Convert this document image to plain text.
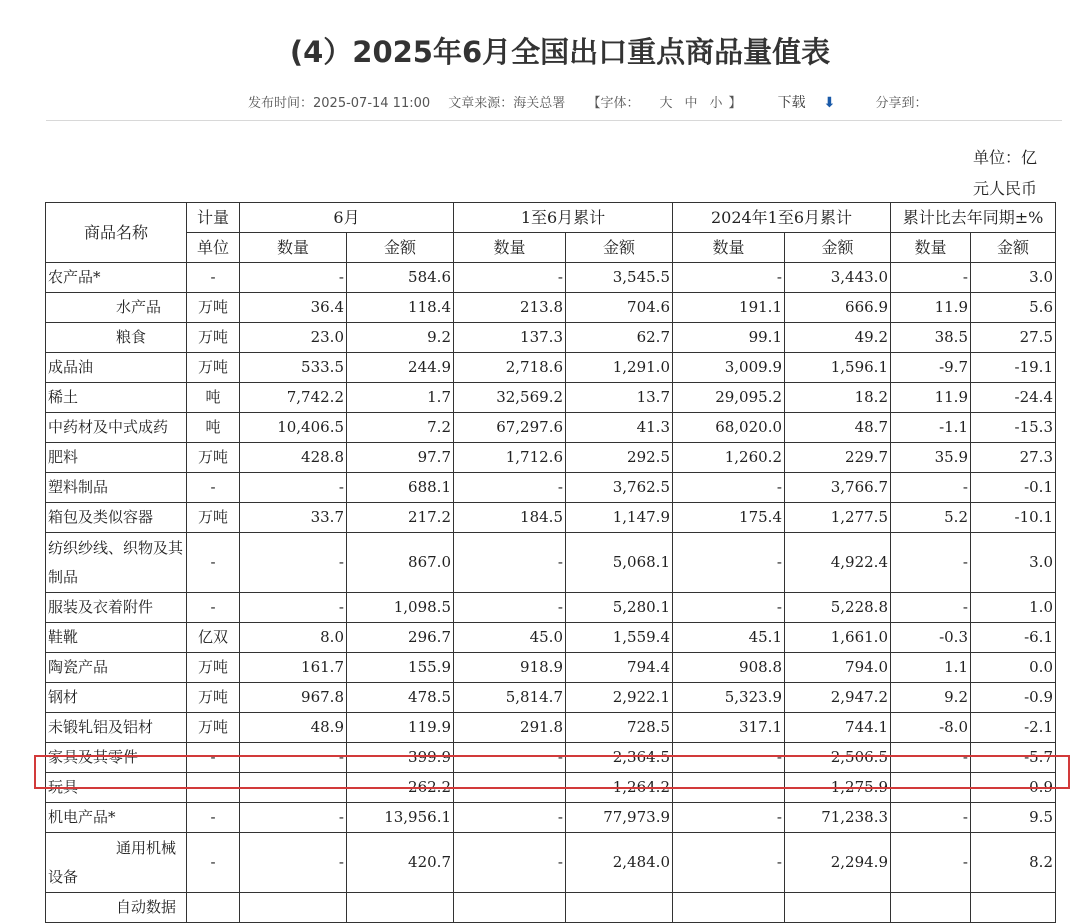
(4）2025年6月全国出口重点商品量值表
发布时间：2025-07-14 11:00 文章来源：海关总署 【字体： 大 中 小 】	下载 ⬇	分享到：
单位：亿
元人民币
商品名称	计量	6月		1至6月累计		2024年1至6月累计		累计比去年同期±%	
	单位	数量	金额	数量	金额	数量	金额	数量	金额
农产品*	-	-	584.6	-	3,545.5	-	3,443.0	-	3.0
水产品	万吨	36.4	118.4	213.8	704.6	191.1	666.9	11.9	5.6
粮食	万吨	23.0	9.2	137.3	62.7	99.1	49.2	38.5	27.5
成品油	万吨	533.5	244.9	2,718.6	1,291.0	3,009.9	1,596.1	-9.7	-19.1
稀土	吨	7,742.2	1.7	32,569.2	13.7	29,095.2	18.2	11.9	-24.4
中药材及中式成药	吨	10,406.5	7.2	67,297.6	41.3	68,020.0	48.7	-1.1	-15.3
肥料	万吨	428.8	97.7	1,712.6	292.5	1,260.2	229.7	35.9	27.3
塑料制品	-	-	688.1	-	3,762.5	-	3,766.7	-	-0.1
箱包及类似容器	万吨	33.7	217.2	184.5	1,147.9	175.4	1,277.5	5.2	-10.1
纺织纱线、织物及其制品	-	-	867.0	-	5,068.1	-	4,922.4	-	3.0
服装及衣着附件	-	-	1,098.5	-	5,280.1	-	5,228.8	-	1.0
鞋靴	亿双	8.0	296.7	45.0	1,559.4	45.1	1,661.0	-0.3	-6.1
陶瓷产品	万吨	161.7	155.9	918.9	794.4	908.8	794.0	1.1	0.0
钢材	万吨	967.8	478.5	5,814.7	2,922.1	5,323.9	2,947.2	9.2	-0.9
未锻轧铝及铝材	万吨	48.9	119.9	291.8	728.5	317.1	744.1	-8.0	-2.1
家具及其零件	-	-	399.9	-	2,364.5	-	2,506.5	-	-5.7
玩具	-	-	262.2	-	1,264.2	-	1,275.9	-	-0.9
机电产品*	-	-	13,956.1	-	77,973.9	-	71,238.3	-	9.5

通用机械
设备	-	-	420.7	-	2,484.0	-	2,294.9	-	8.2
自动数据									
